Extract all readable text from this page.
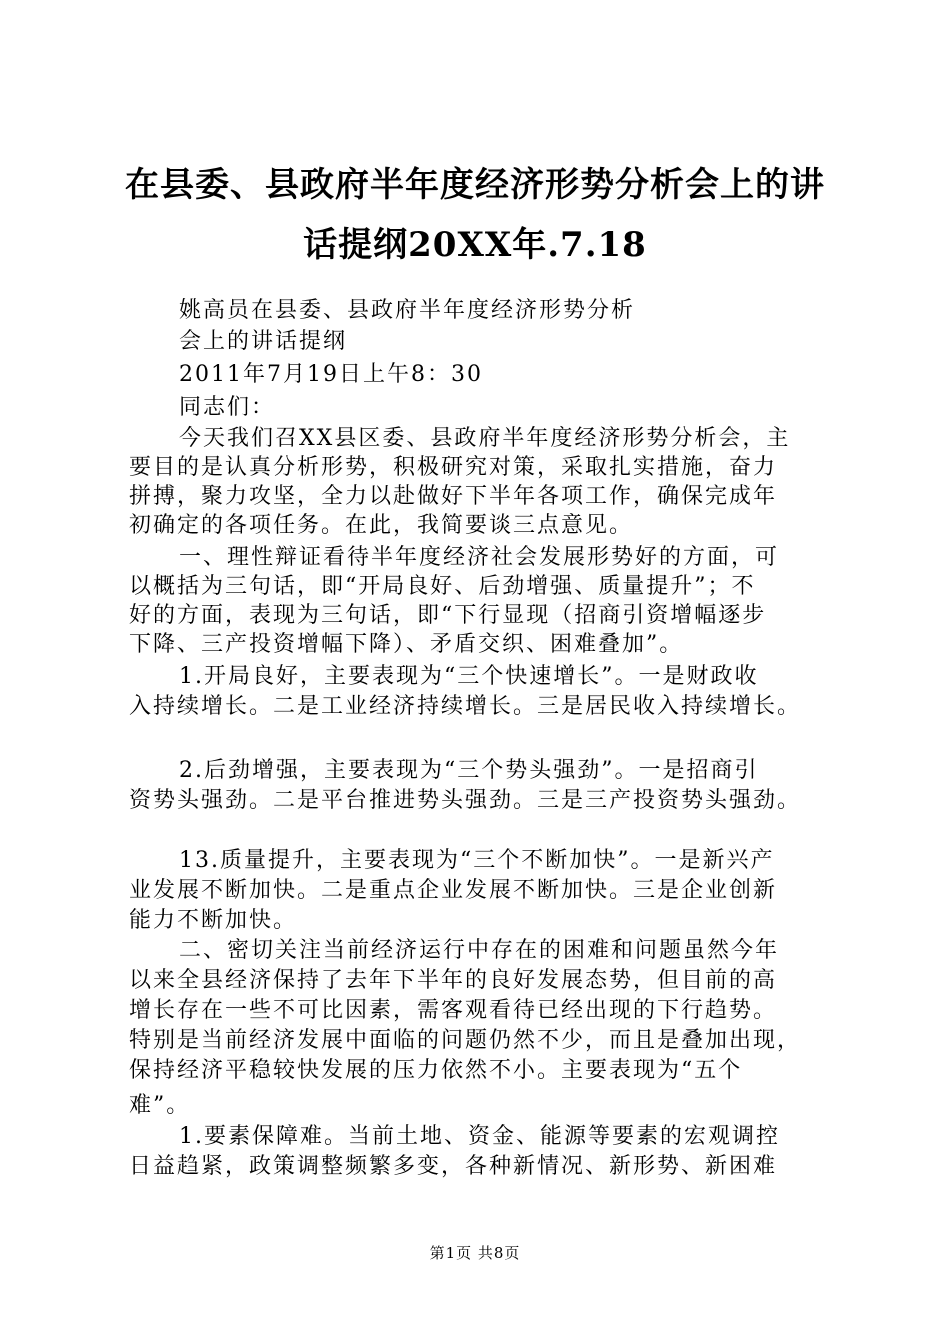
在县委、县政府半年度经济形势分析会上的讲
话提纲20XX年.7.18
姚高员在县委、县政府半年度经济形势分析
会上的讲话提纲
2011年7月19日上午8：30
同志们：
今天我们召XX县区委、县政府半年度经济形势分析会，主
要目的是认真分析形势，积极研究对策，采取扎实措施，奋力
拼搏，聚力攻坚，全力以赴做好下半年各项工作，确保完成年
初确定的各项任务。在此，我简要谈三点意见。
一、理性辩证看待半年度经济社会发展形势好的方面，可
以概括为三句话，即“开局良好、后劲增强、质量提升”；不
好的方面，表现为三句话，即“下行显现（招商引资增幅逐步
下降、三产投资增幅下降）、矛盾交织、困难叠加”。
1.开局良好，主要表现为“三个快速增长”。一是财政收
入持续增长。二是工业经济持续增长。三是居民收入持续增长。
2.后劲增强，主要表现为“三个势头强劲”。一是招商引
资势头强劲。二是平台推进势头强劲。三是三产投资势头强劲。
13.质量提升，主要表现为“三个不断加快”。一是新兴产
业发展不断加快。二是重点企业发展不断加快。三是企业创新
能力不断加快。
二、密切关注当前经济运行中存在的困难和问题虽然今年
以来全县经济保持了去年下半年的良好发展态势，但目前的高
增长存在一些不可比因素，需客观看待已经出现的下行趋势。
特别是当前经济发展中面临的问题仍然不少，而且是叠加出现，
保持经济平稳较快发展的压力依然不小。主要表现为“五个
难”。
1.要素保障难。当前土地、资金、能源等要素的宏观调控
日益趋紧，政策调整频繁多变，各种新情况、新形势、新困难
第1页 共8页
